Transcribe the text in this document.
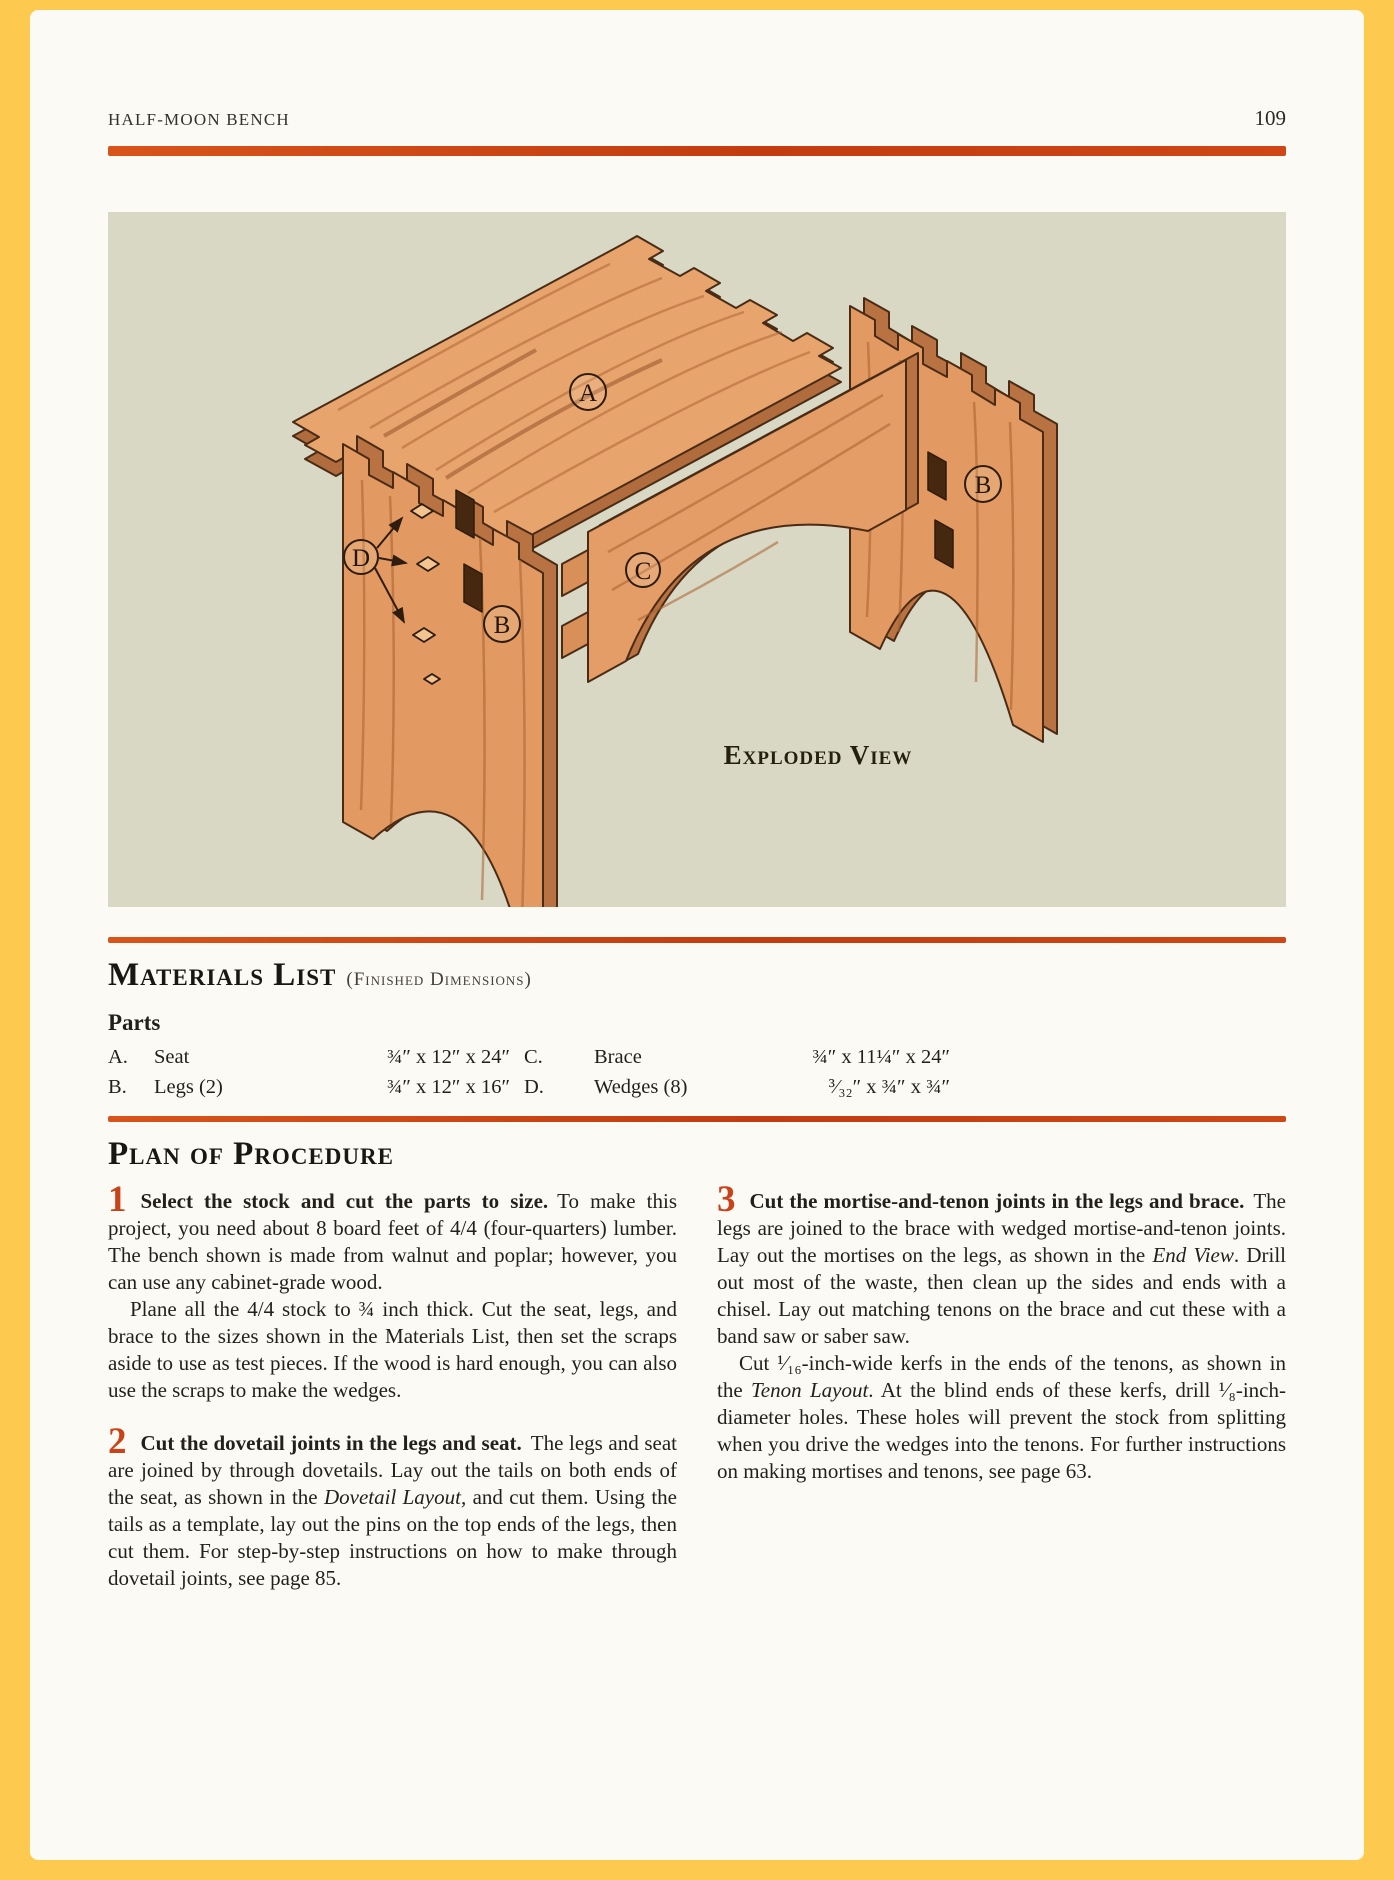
HALF-MOON BENCH	109
B
C
A
D
B
Exploded View
Materials List (Finished Dimensions)
Parts
A.	Seat	¾″ x 12″ x 24″ C.	Brace	¾″ x 11¼″ x 24″
B.	Legs (2)	¾″ x 12″ x 16″ D.	Wedges (8)	³⁄₃₂″ x ¾″ x ¾″
Plan of Procedure

1 Select the stock and cut the parts to size. To make this project, you need about 8 board feet of 4/4 (four-quarters) lumber. The bench shown is made from walnut and poplar; however, you can use any cabinet-grade wood.

Plane all the 4/4 stock to ¾ inch thick. Cut the seat, legs, and brace to the sizes shown in the Materials List, then set the scraps aside to use as test pieces. If the wood is hard enough, you can also use the scraps to make the wedges.

2 Cut the dovetail joints in the legs and seat. The legs and seat are joined by through dovetails. Lay out the tails on both ends of the seat, as shown in the Dovetail Layout, and cut them. Using the tails as a template, lay out the pins on the top ends of the legs, then cut them. For step-by-step instructions on how to make through dovetail joints, see page 85.

3 Cut the mortise-and-tenon joints in the legs and brace. The legs are joined to the brace with wedged mortise-and-tenon joints. Lay out the mortises on the legs, as shown in the End View. Drill out most of the waste, then clean up the sides and ends with a chisel. Lay out matching tenons on the brace and cut these with a band saw or saber saw.

Cut ¹⁄₁₆-inch-wide kerfs in the ends of the tenons, as shown in the Tenon Layout. At the blind ends of these kerfs, drill ¹⁄₈-inch-diameter holes. These holes will prevent the stock from splitting when you drive the wedges into the tenons. For further instructions on making mortises and tenons, see page 63.
